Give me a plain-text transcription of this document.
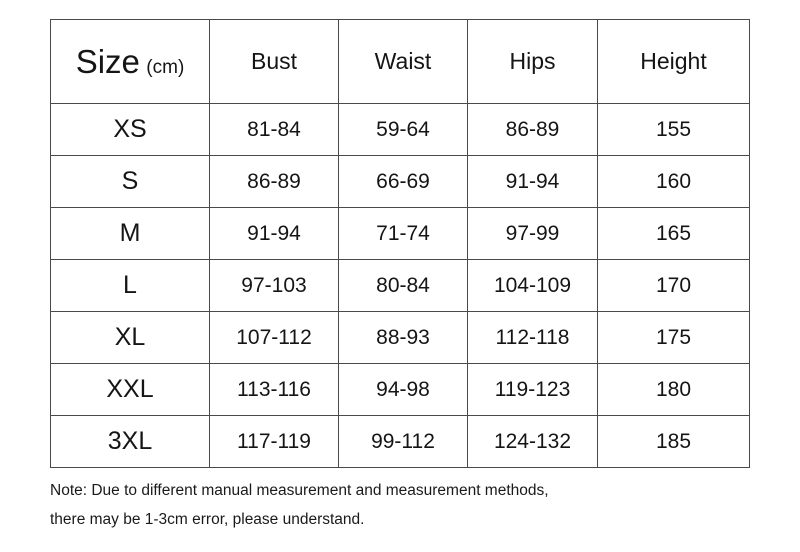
Size (cm)	Bust	Waist	Hips	Height
XS	81-84	59-64	86-89	155
S	86-89	66-69	91-94	160
M	91-94	71-74	97-99	165
L	97-103	80-84	104-109	170
XL	107-112	88-93	112-118	175
XXL	113-116	94-98	119-123	180
3XL	117-119	99-112	124-132	185
Note: Due to different manual measurement and measurement methods,
there may be 1-3cm error, please understand.
